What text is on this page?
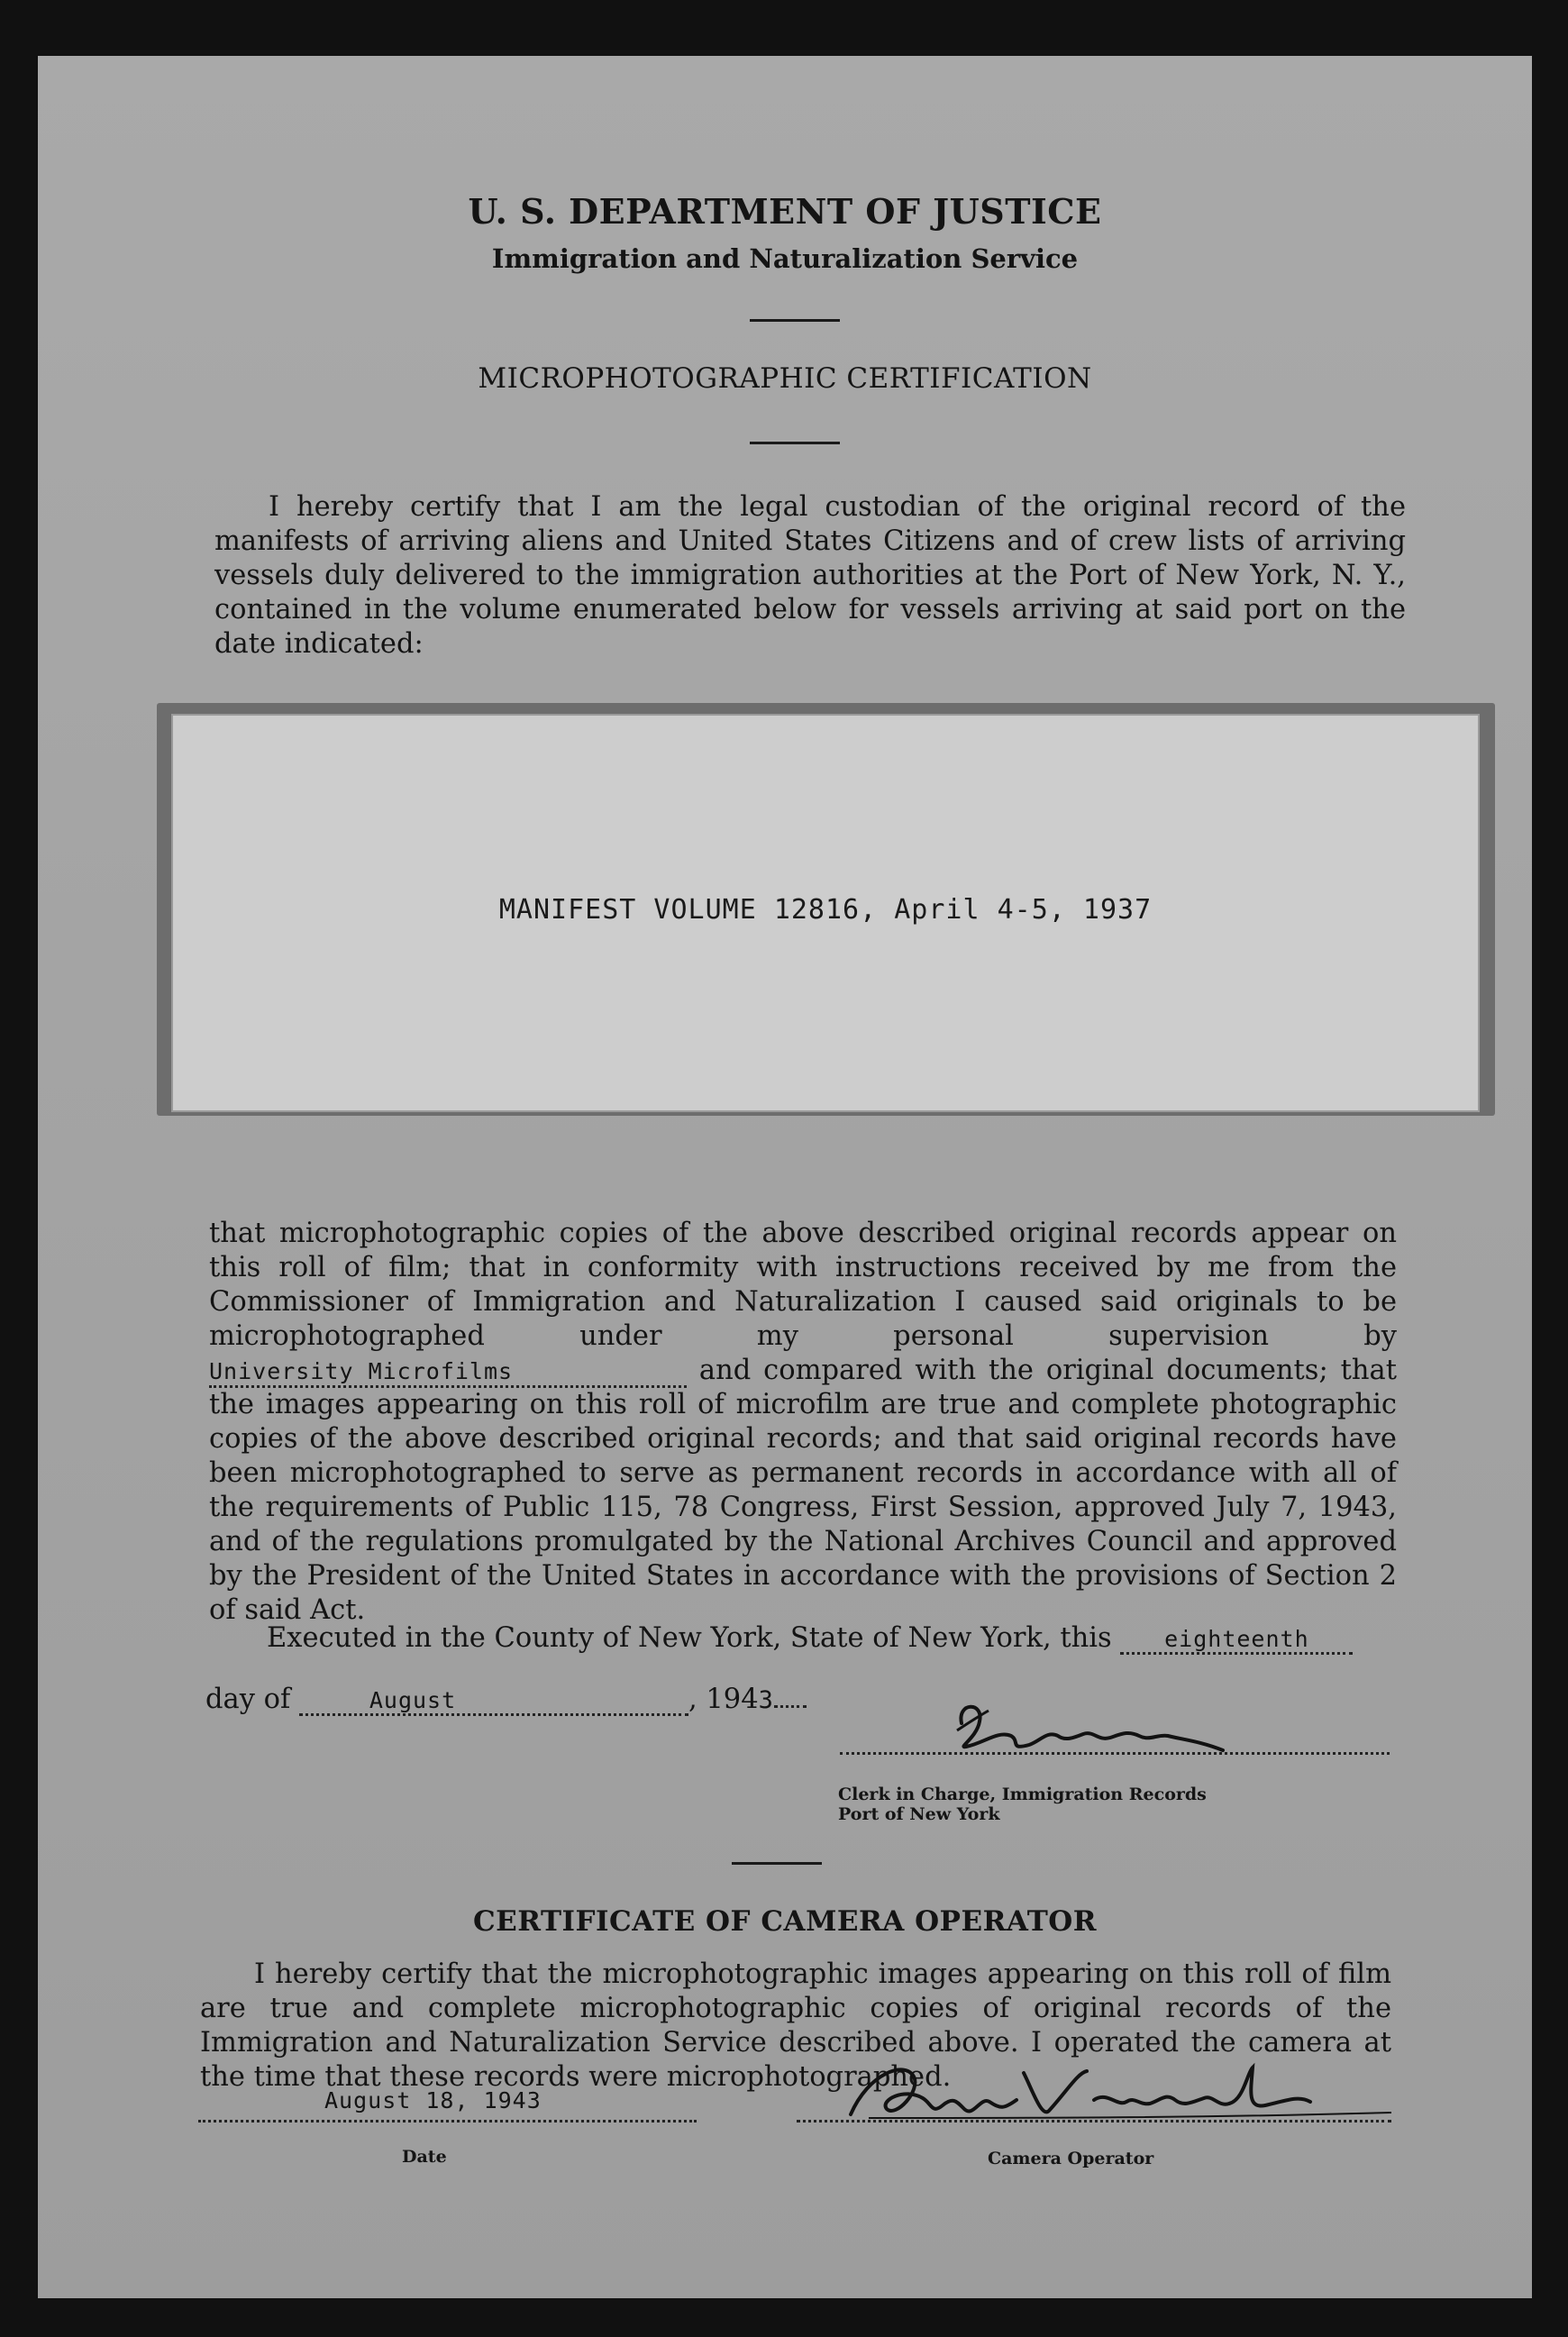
U. S. DEPARTMENT OF JUSTICE
Immigration and Naturalization Service
MICROPHOTOGRAPHIC CERTIFICATION
I hereby certify that I am the legal custodian of the original record of the manifests of arriving aliens and United States Citizens and of crew lists of arriving vessels duly delivered to the immigration authorities at the Port of New York, N. Y., contained in the volume enumerated below for vessels arriving at said port on the date indicated:
MANIFEST VOLUME 12816, April 4-5, 1937
that microphotographic copies of the above described original records appear on this roll of film; that in conformity with instructions received by me from the Commissioner of Immigration and Naturalization I caused said originals to be microphotographed under my personal supervision by University Microfilms	and compared with the original documents; that the images appearing on this roll of microfilm are true and complete photographic copies of the above described original records; and that said original records have been microphotographed to serve as permanent records in accordance with all of the requirements of Public 115, 78 Congress, First Session, approved July 7, 1943, and of the regulations promulgated by the National Archives Council and approved by the President of the United States in accordance with the provisions of Section 2 of said Act.
Executed in the County of New York, State of New York, this eighteenth
day of	August	, 1943
Clerk in Charge, Immigration Records
Port of New York
CERTIFICATE OF CAMERA OPERATOR
I hereby certify that the microphotographic images appearing on this roll of film are true and complete microphotographic copies of original records of the Immigration and Naturalization Service described above. I operated the camera at the time that these records were microphotographed.
August 18, 1943
Date	Camera Operator
